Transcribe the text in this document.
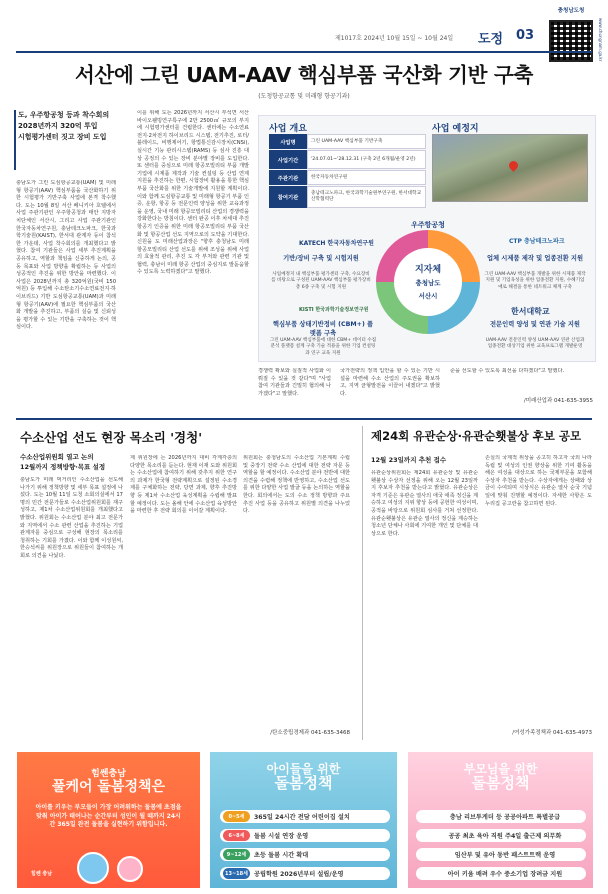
제1017호 2024년 10월 15일 ~ 10월 24일 도정 03
충청남도청
www.chungnam.go.kr
서산에 그린 UAM-AAV 핵심부품 국산화 기반 구축
(도청항공교통 및 미래형 항공기과)
도, 우주항공청 등과 착수회의
2028년까지 320억 투입
시험평가센터 짓고 장비 도입
충남도가 그린 도심항공교통(UAM) 및 미래형 항공기(AAV) 핵심부품을 국산화하기 위한 시험평가 기반구축 사업에 본격 착수했다. 도는 10월 8일 서산 베니키아 호텔에서 사업 주관기관인 우주항공청과 태안 지방자치단체인 서산시, 그리고 사업 주관기관인 한국자동차연구원, 충남테크노파크, 한국과학기술원(KAIST), 한서대 관계자 등이 참석한 가운데, 사업 착수회의를 개최했다고 밝혔다. 참여 기관들은 사업 세부 추진계획을 공유하고, 역할과 책임을 신중하게 논의, 공동 목표와 사업 방향을 확립하는 등 사업의 성공적인 추진을 위한 방안을 마련했다. 이 사업은 2028년까지 총 320억원(국비 150억원) 등 투입해 수소탄소기수소연료전지·하이브리드) 기반 도심항공교통(UAM)과 미래형 항공기(AAV)에 필요한 핵심부품의 국산화 개발을 추진하고, 부품의 실습 및 신뢰성을 평가할 수 있는 기반을 구축하는 것이 핵심이다.
이를 위해 도는 2026년까지 서산시 부석면 서산바이오웰빙연구특구에 2만 2500㎡ 규모의 부지에 시험평가센터를 건립한다. 센터에는 수소연료전지·2차전지 하이브리드 시스템, 전기추진, 로터/블레이드, 비행제어기, 항법통신감시장치(CNSi), 실시간 기능 관리시스템(RAMS) 등 심사 진흥 대상 공정의 수 있는 장비 분야별 장비를 도입한다. 또 센터를 중심으로 미래 항공모빌리티 부품 개발 기업에 시제품 제작과 기술 컨설팅 등 산업 연계 지원을 추진하는 한편, 시험장비 활용을 통한 핵심부품 국산화를 위한 기술개발에 지원할 계획이다. 이와 함께 도심항공교통 및 미래형 항공기 부품 인증, 운항, 항공 등 전문인력 양성을 위한 교육과정을 운영, 국내 미래 항공모빌리티 산업의 경쟁력을 강화한다는 방침이다. 센터 완공 이후 차세대 추진 항공기 인증을 위한 미래 항공모빌리티 부품 국산화 및 항공산업 선도 지역으로의 도약을 기대한다. 신원을 도 미래산업과장은 "향후 충청남도 미래 항공모빌리티 산업 선도를 위해 조성을 위해 사업의 효율적 관리, 추진 도 각 부처와 관련 기관 및 협력, 충남이 미래 항공 산업의 중심지로 발돋움할 수 있도록 노력하겠다"고 말했다.
사업 개요	사업 예정지
사업명	그린 UAM-AAV 핵심부품 기반구축
사업기간	'24.07.01~'28.12.31 (구축 2년 6개월/운영 2년)
주관기관	한국자동차연구원
참여기관
충남테크노파크, 한국과학기술원부연구원, 한서대학교 산학협력단
KATECH 한국자동차연구원	CTP 충남테크노파크
KISTI 한국과학기술정보연구원	한서대학교
우주항공청
지자체
충청남도
서산시
기반/장비 구축 및 시험지원
사업예정지 내 핵심부품 평가센터 구축, 수요장비를 바탕으로 구성된 UAM-AAV 핵심부품 평가장비 총 6종 구축 및 시험 지원
업체 시제품 제작 및 업종전환 지원
그린 UAM-AAV 핵심부품 개발을 위한 시제품 제작 지원 및 기업육성을 위한 업종전환 지원, 수혜기업 애로 해결을 통한 네트워크 체계 구축
핵심부품 상태기반정비 (CBM+) 플랫폼 구축
그린 UAM-AAV 핵심부품에 대한 CBM+ 데이터 수집분석 플랫폼 설계 구축 기술 적용을 위한 기업 컨설팅과 연구 교육 지원
전문인력 양성 및 연관 기술 지원
UAM-AAV 전문인력 양성 UAM-AAV 연관 산업과 업종전환 대상기업 위한 교육프로그램 개발운영
경쟁력 확보와 실질적 사업화 이뤄질 수 있을 것 같다"며 "사업 참여 기관들과 긴밀히 협의해 나가겠다"고 말했다.
국가전략의 정책 입안을 할 수 있는 기반 시설을 마련해 수소 산업의 주도권을 확보하고, 지역 균형발전을 이끌어 내겠다"고 밝혔다.
준을 선도할 수 있도록 최선을 다하겠다"고 말했다.
/미래산업과 041-635-3955
수소산업 선도 현장 목소리 '경청'
수소산업위원회 열고 논의
12월까지 정책방향·목표 설정
충남도가 미래 먹거리인 수소산업을 선도해 나가기 위해 정책방향 및 세부 목표 설정에 나섰다. 도는 10월 11일 도청 소회의실에서 17명의 민간 전문가들로 수소산업위원회를 재구성하고, 제1차 수소산업위원회를 개최했다고 밝혔다. 위원회는 수소산업 분야 최고 전문가와 지역에서 수소 관련 산업을 추진하는 기업 관계자를 중심으로 구성해 현장의 목소리를 청취하는 기회를 가졌다. 이와 함께 이성원씨, 한승석씨를 위원장으로 위원들이 참여하는 개회로 의견을 나눴다.
제 위원장에 는 2026년까지 대비 각계각층의 다양한 목소리를 듣는다. 현재 이재 도와 위원회는 수소산업에 참여하기 위해 갖추지 위한 연구의 과제가 한국형 전략계획으로 설정된 수소경제를 구체화하는 전략, 당면 과제, 향후 추진방향 등 제1차 수소산업 육성계획을 수립해 발표할 예정이다. 도는 올해 안에 수소산업 육성방안을 마련한 후 전략 회의를 이어갈 계획이다.
위원회는 충청남도의 수소산업 기본계획 수립 및 중장기 전략 수소 산업에 대한 전략 자문 등 역할을 할 예정이다. 수소산업 분야 전반에 대한 의견을 수렴해 정책에 반영하고, 수소산업 선도를 위한 다양한 사업 발굴 등을 논의하는 역할을 한다. 회의에서는 도의 수소 정책 방향과 주요 추진 사업 등을 공유하고 위원별 의견을 나누었다.
/탄소중립경제과 041-635-3468
제24회 유관순상·유관순횃불상 후보 공모
12월 23일까지 추천 접수
유관순상위원회는 제24회 유관순상 및 유관순횃불상 수상자 선정을 위해 오는 12월 23일까지 후보자 추천을 받는다고 밝혔다. 유관순상은 자격 기준은 유관순 열사의 애국 애족 정신을 계승하고 여성의 지위 향상 등에 공헌한 여성이며, 공적을 바탕으로 위원회 심사를 거쳐 선정한다. 유관순횃불상은 유관순 열사의 정신을 계승하는 청소년 단체나 사회에 기여한 개인 및 단체를 대상으로 한다.
손실의 국제적 위상을 공고히 하고자 국외 나라 독립 및 여성의 인권 향상을 위한 기여 활동을 해온 여성을 대상으로 하는 국제부문을 포함해 수상자 추천을 받는다. 수상자에게는 상패와 상금이 수여되며 시상식은 유관순 열사 순국 기념일에 맞춰 진행할 예정이다. 자세한 사항은 도 누리집 공고란을 참고하면 된다.
/여성가족정책과 041-635-4973
힘쎈충남
풀케어 돌봄정책은
아이를 키우는 부모들이 가장 어려워하는 돌봄에 초점을 맞춰 아이가 태어나는 순간부터 성인이 될 때까지 24시간 365일 완전 돌봄을 실현하기 위함입니다.
힘쎈 충남
아이들을 위한
돌봄정책
0~5세	365일 24시간 전담 어린이집 설치
6~8세	돌봄 시설 연장 운영
9~12세	초등 돌봄 시간 확대
13~18세 공립학원 2026년부터 설립/운영
부모님을 위한
돌봄정책
충남 리브투게더 등 공공아파트 특별공급
공공 최초 육아 직원 주4일 출근제 의무화
임산부 및 유아 동반 패스트트랙 운영
아이 키움 배려 우수 중소기업 장려금 지원
